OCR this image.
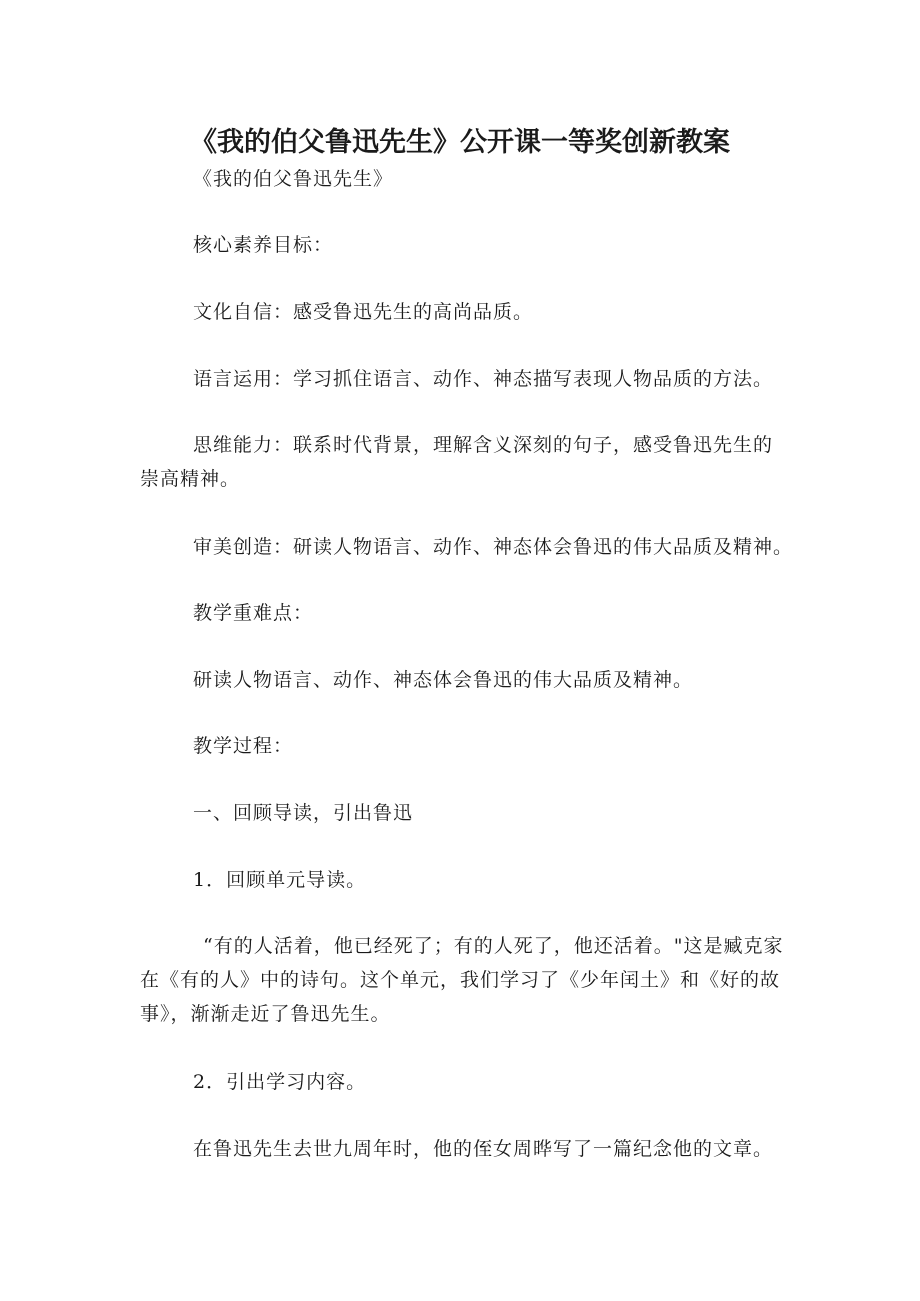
《我的伯父鲁迅先生》公开课一等奖创新教案
《我的伯父鲁迅先生》
核心素养目标：
文化自信：感受鲁迅先生的高尚品质。
语言运用：学习抓住语言、动作、神态描写表现人物品质的方法。
思维能力：联系时代背景，理解含义深刻的句子，感受鲁迅先生的
崇高精神。
审美创造：研读人物语言、动作、神态体会鲁迅的伟大品质及精神。
教学重难点：
研读人物语言、动作、神态体会鲁迅的伟大品质及精神。
教学过程：
一、回顾导读，引出鲁迅
1．回顾单元导读。
“有的人活着，他已经死了；有的人死了，他还活着。"这是臧克家
在《有的人》中的诗句。这个单元，我们学习了《少年闰土》和《好的故
事》，渐渐走近了鲁迅先生。
2．引出学习内容。
在鲁迅先生去世九周年时，他的侄女周晔写了一篇纪念他的文章。
